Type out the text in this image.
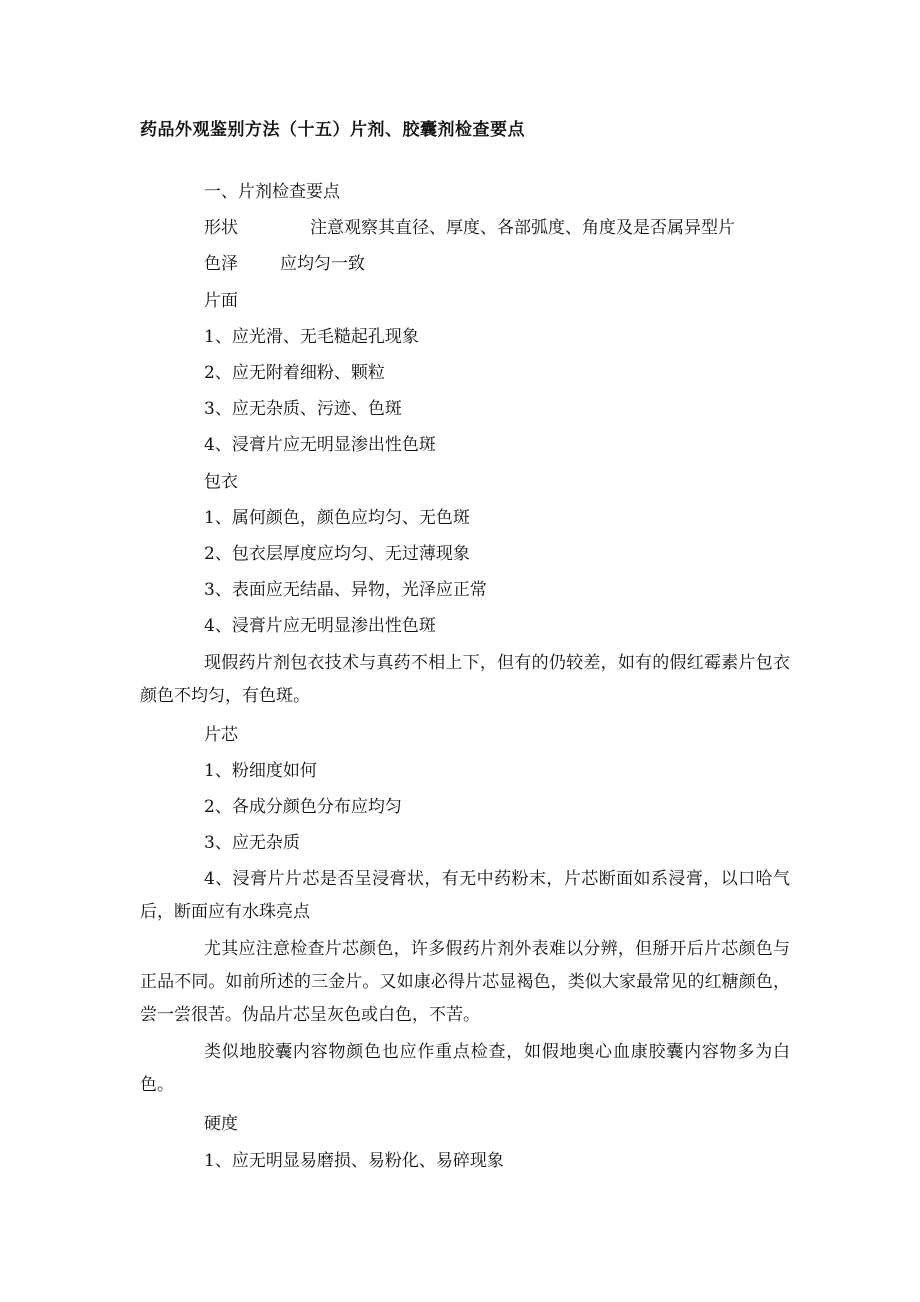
药品外观鉴别方法（十五）片剂、胶囊剂检查要点
一、片剂检查要点
形状	注意观察其直径、厚度、各部弧度、角度及是否属异型片
色泽 应均匀一致
片面
1、应光滑、无毛糙起孔现象
2、应无附着细粉、颗粒
3、应无杂质、污迹、色斑
4、浸膏片应无明显渗出性色斑
包衣
1、属何颜色，颜色应均匀、无色斑
2、包衣层厚度应均匀、无过薄现象
3、表面应无结晶、异物，光泽应正常
4、浸膏片应无明显渗出性色斑
现假药片剂包衣技术与真药不相上下，但有的仍较差，如有的假红霉素片包衣颜色不均匀，有色斑。
片芯
1、粉细度如何
2、各成分颜色分布应均匀
3、应无杂质
4、浸膏片片芯是否呈浸膏状，有无中药粉末，片芯断面如系浸膏，以口哈气后，断面应有水珠亮点
尤其应注意检查片芯颜色，许多假药片剂外表难以分辨，但掰开后片芯颜色与正品不同。如前所述的三金片。又如康必得片芯显褐色，类似大家最常见的红糖颜色，尝一尝很苦。伪品片芯呈灰色或白色，不苦。
类似地胶囊内容物颜色也应作重点检查，如假地奥心血康胶囊内容物多为白色。
硬度
1、应无明显易磨损、易粉化、易碎现象
